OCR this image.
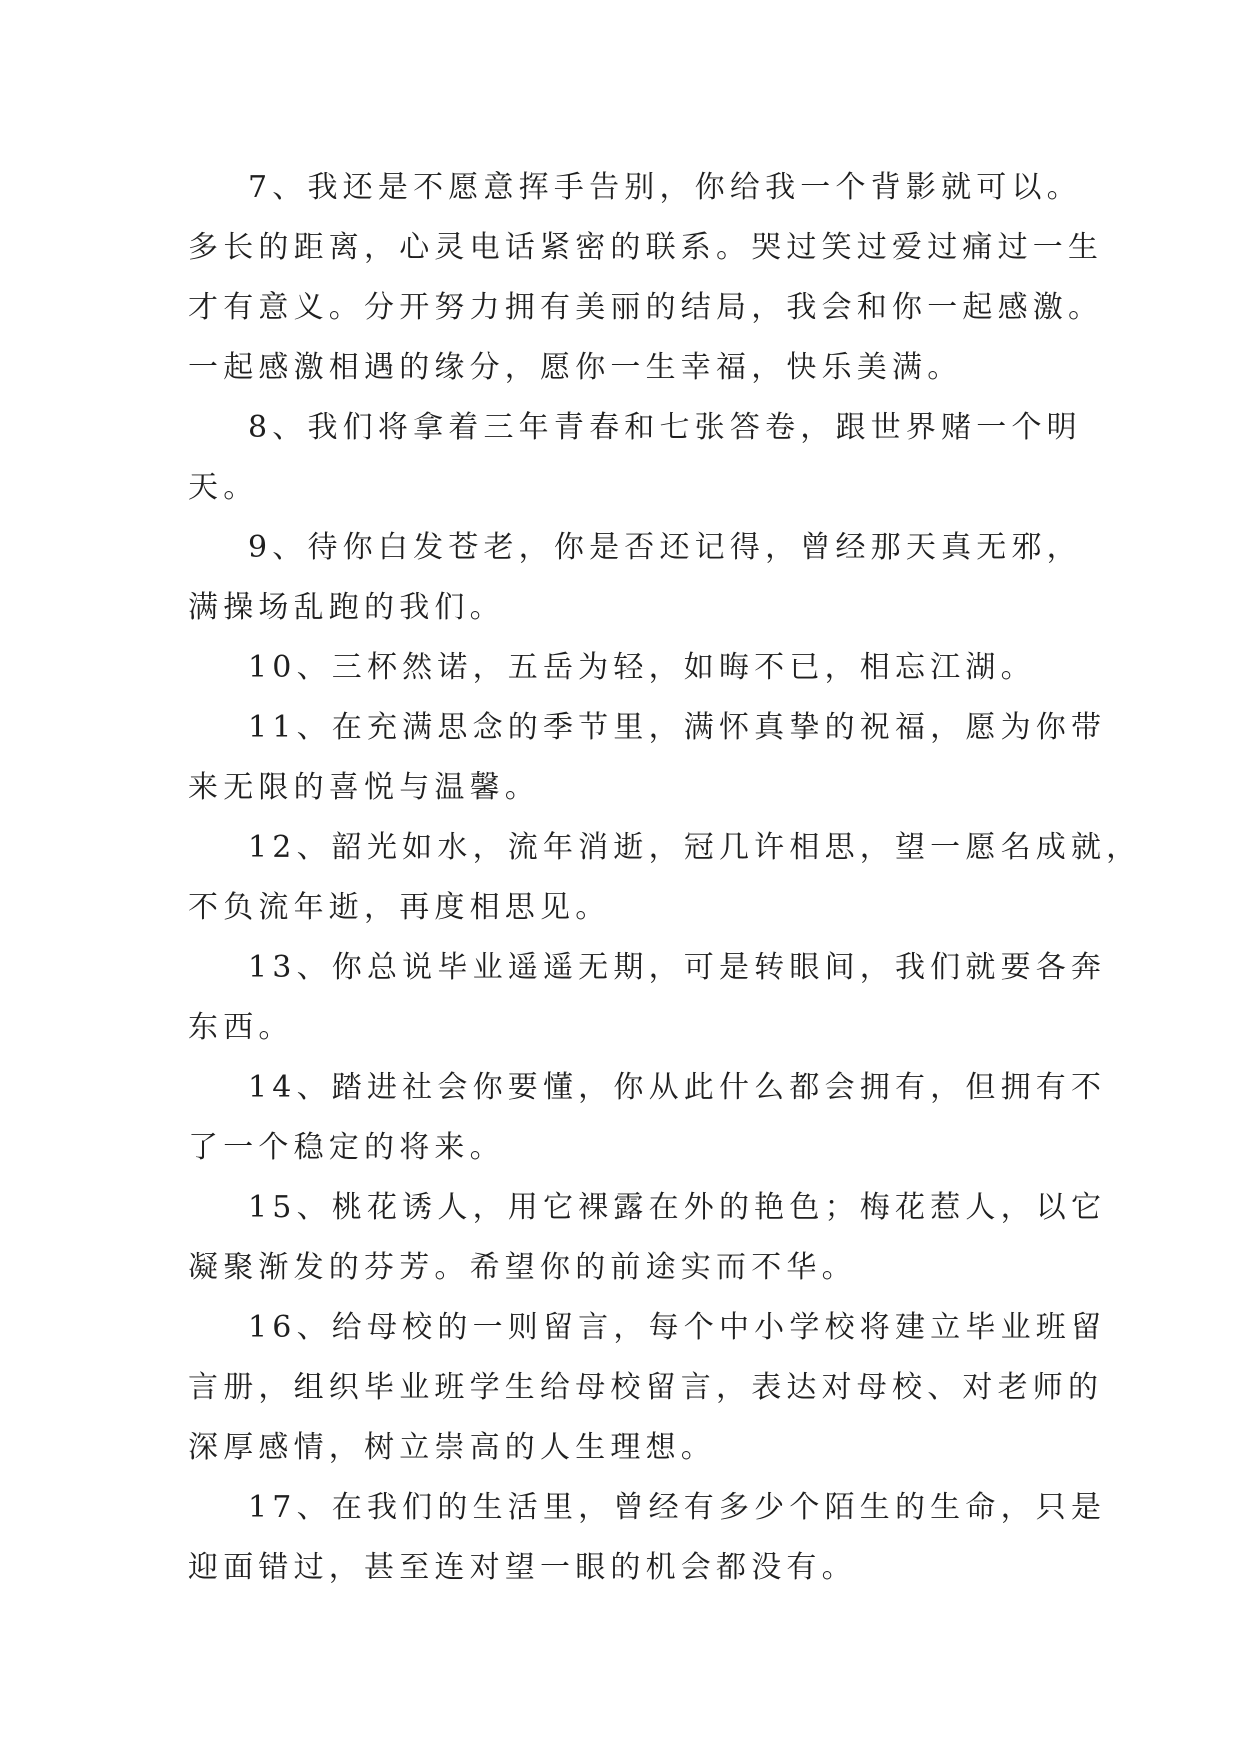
7、我还是不愿意挥手告别，你给我一个背影就可以。
多长的距离，心灵电话紧密的联系。哭过笑过爱过痛过一生
才有意义。分开努力拥有美丽的结局，我会和你一起感激。
一起感激相遇的缘分，愿你一生幸福，快乐美满。

8、我们将拿着三年青春和七张答卷，跟世界赌一个明
天。

9、待你白发苍老，你是否还记得，曾经那天真无邪，
满操场乱跑的我们。

10、三杯然诺，五岳为轻，如晦不已，相忘江湖。

11、在充满思念的季节里，满怀真挚的祝福，愿为你带
来无限的喜悦与温馨。

12、韶光如水，流年消逝，冠几许相思，望一愿名成就，
不负流年逝，再度相思见。

13、你总说毕业遥遥无期，可是转眼间，我们就要各奔
东西。

14、踏进社会你要懂，你从此什么都会拥有，但拥有不
了一个稳定的将来。

15、桃花诱人，用它裸露在外的艳色；梅花惹人，以它
凝聚渐发的芬芳。希望你的前途实而不华。

16、给母校的一则留言，每个中小学校将建立毕业班留
言册，组织毕业班学生给母校留言，表达对母校、对老师的
深厚感情，树立崇高的人生理想。

17、在我们的生活里，曾经有多少个陌生的生命，只是
迎面错过，甚至连对望一眼的机会都没有。
